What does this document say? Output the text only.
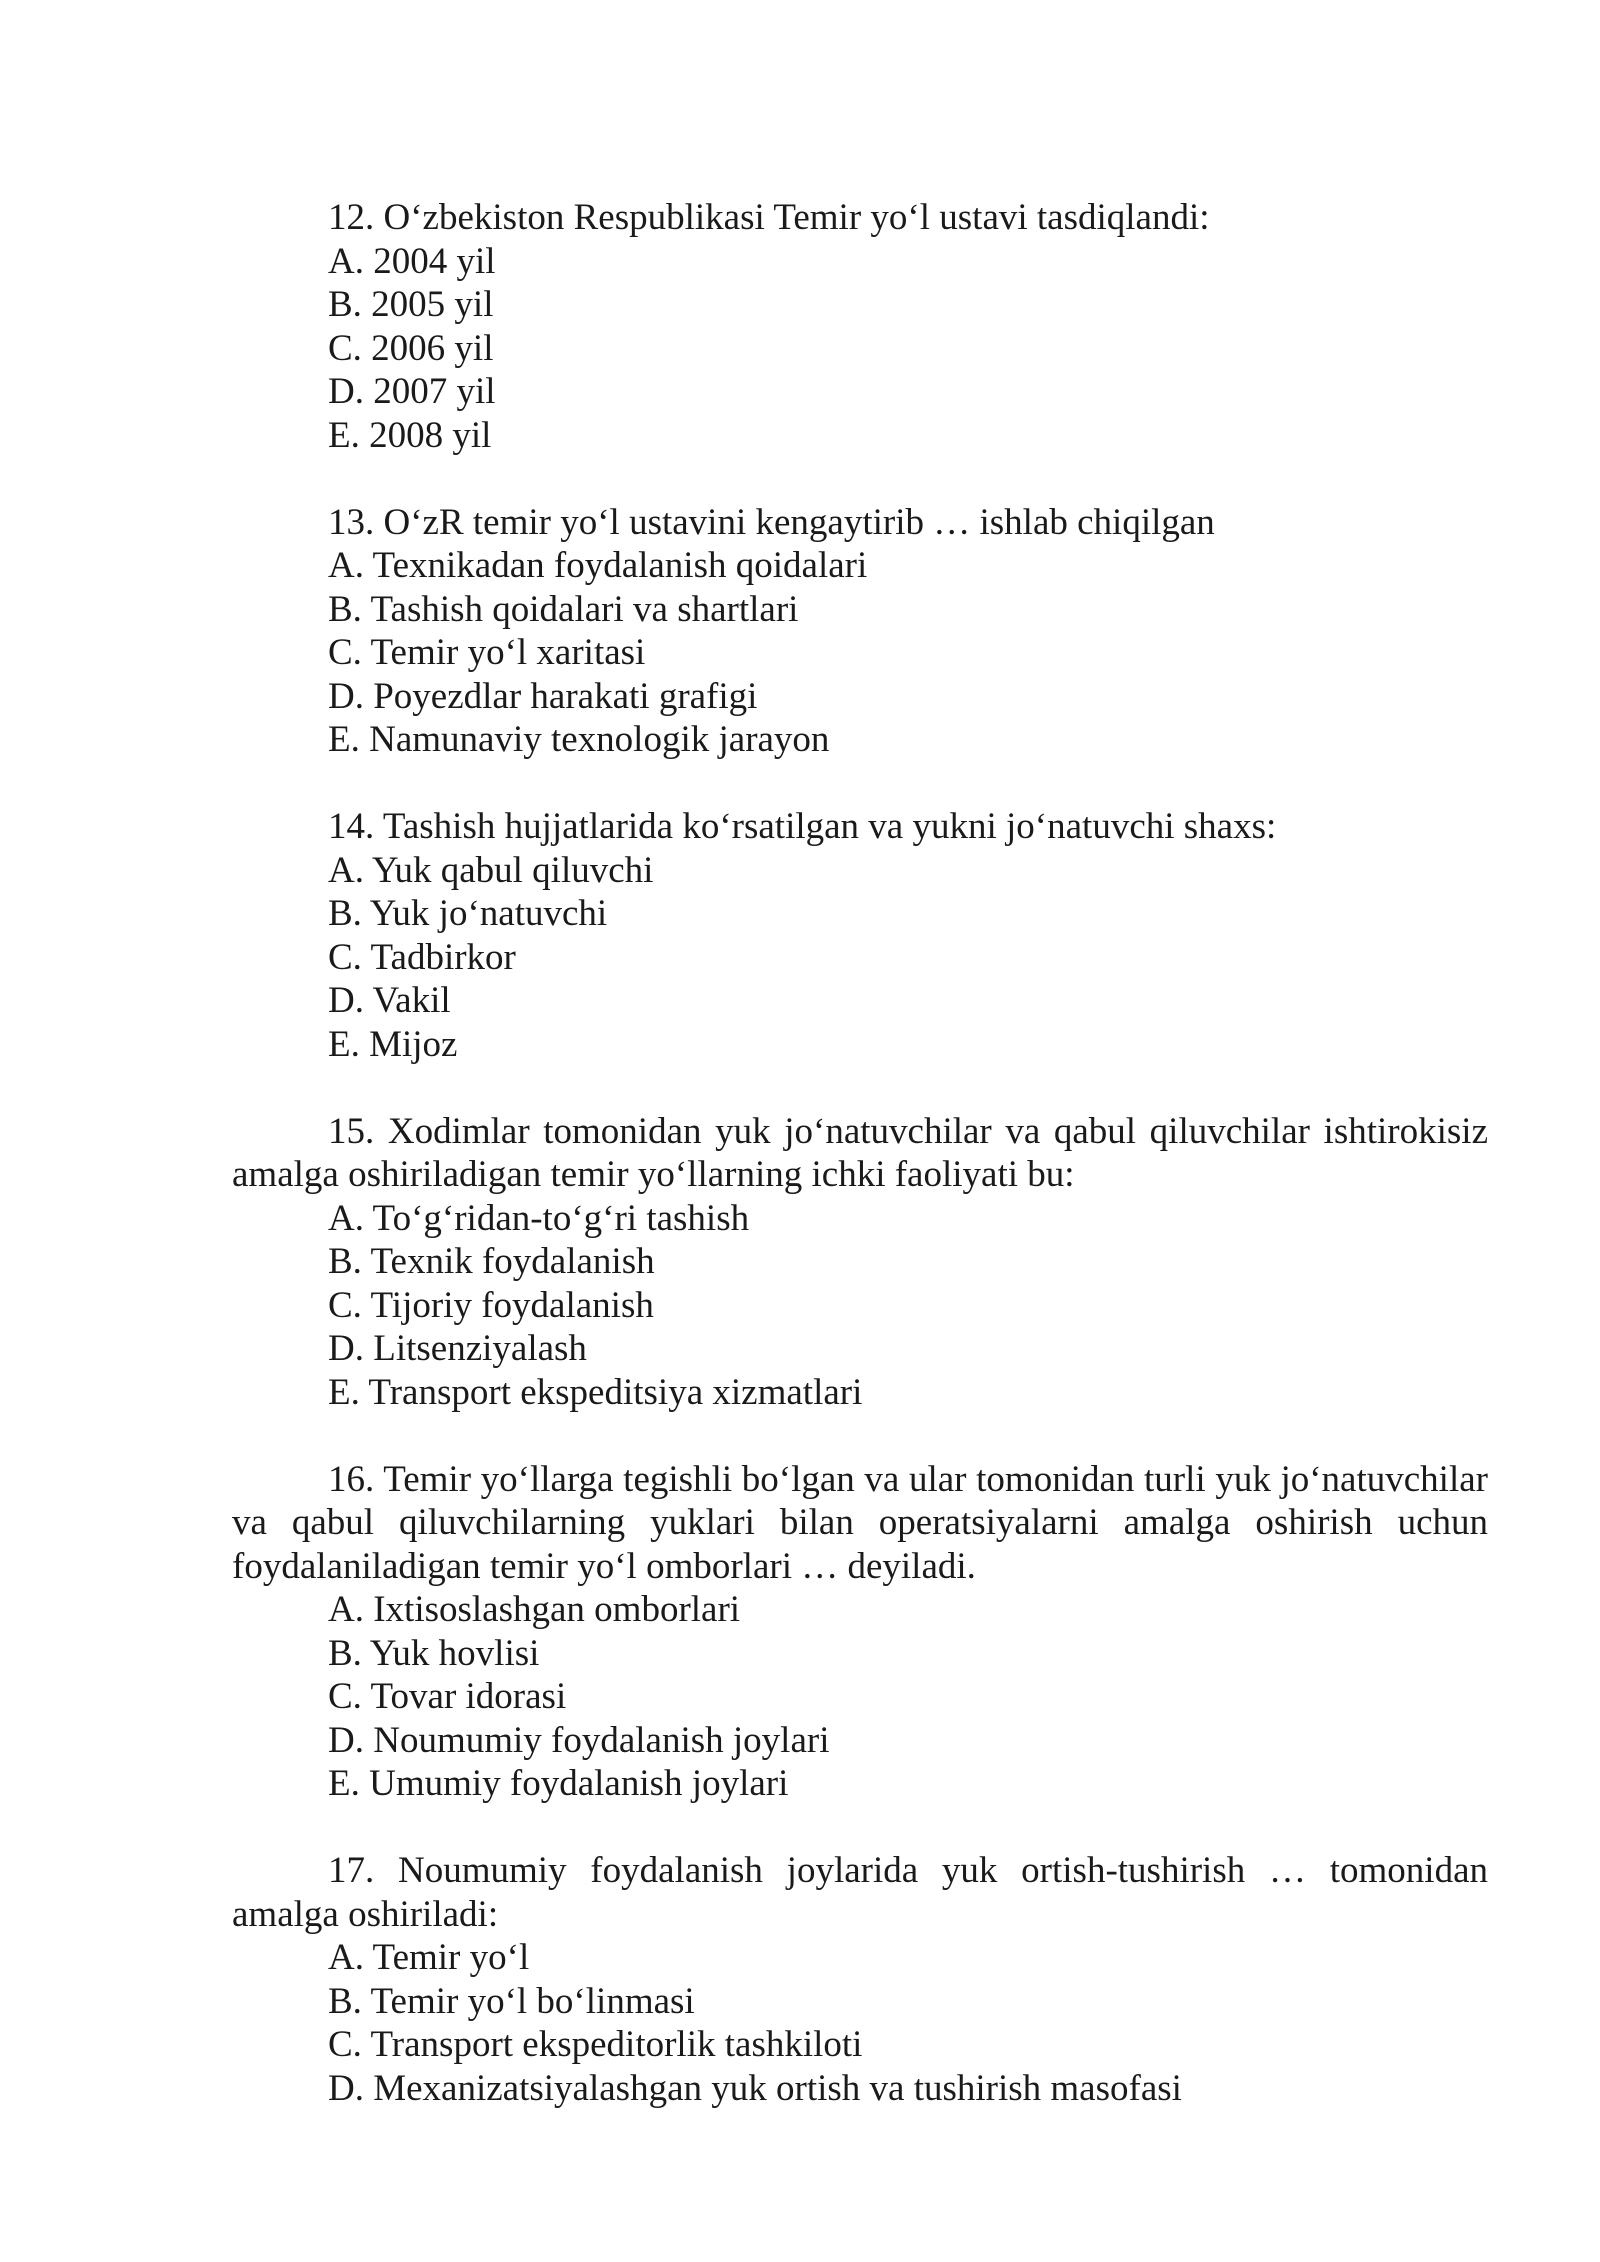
12. O‘zbekiston Respublikasi Temir yo‘l ustavi tasdiqlandi:

A. 2004 yil
B. 2005 yil
C. 2006 yil
D. 2007 yil
E. 2008 yil

13. O‘zR temir yo‘l ustavini kengaytirib … ishlab chiqilgan

A. Texnikadan foydalanish qoidalari
B. Tashish qoidalari va shartlari
C. Temir yo‘l xaritasi
D. Poyezdlar harakati grafigi
E. Namunaviy texnologik jarayon

14. Tashish hujjatlarida ko‘rsatilgan va yukni jo‘natuvchi shaxs:

A. Yuk qabul qiluvchi
B. Yuk jo‘natuvchi
C. Tadbirkor
D. Vakil
E. Mijoz

15. Xodimlar tomonidan yuk jo‘natuvchilar va qabul qiluvchilar ishtirokisiz amalga oshiriladigan temir yo‘llarning ichki faoliyati bu:

A. To‘g‘ridan-to‘g‘ri tashish
B. Texnik foydalanish
C. Tijoriy foydalanish
D. Litsenziyalash
E. Transport ekspeditsiya xizmatlari

16. Temir yo‘llarga tegishli bo‘lgan va ular tomonidan turli yuk jo‘natuvchilar va qabul qiluvchilarning yuklari bilan operatsiyalarni amalga oshirish uchun foydalaniladigan temir yo‘l omborlari … deyiladi.

A. Ixtisoslashgan omborlari
B. Yuk hovlisi
C. Tovar idorasi
D. Noumumiy foydalanish joylari
E. Umumiy foydalanish joylari

17. Noumumiy foydalanish joylarida yuk ortish-tushirish … tomonidan amalga oshiriladi:

A. Temir yo‘l
B. Temir yo‘l bo‘linmasi
C. Transport ekspeditorlik tashkiloti
D. Mexanizatsiyalashgan yuk ortish va tushirish masofasi
